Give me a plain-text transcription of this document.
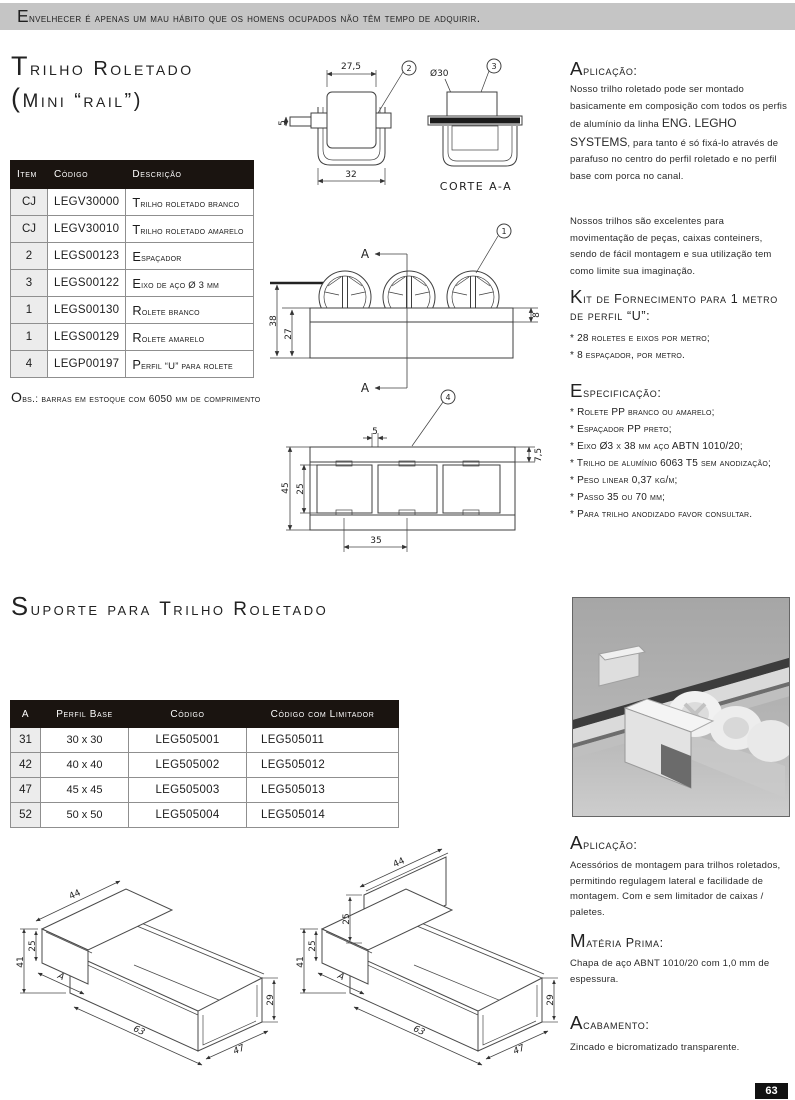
Envelhecer é apenas um mau hábito que os homens ocupados não têm tempo de adquirir.
Trilho Roletado
(mini “rail”)
Item	Código	Descrição
CJ	LEGV30000	Trilho roletado branco
CJ	LEGV30010	Trilho roletado amarelo
2	LEGS00123	Espaçador
3	LEGS00122	Eixo de aço Ø 3 mm
1	LEGS00130	Rolete branco
1	LEGS00129	Rolete amarelo
4	LEGP00197	Perfil “U” para rolete
Obs.: barras em estoque com 6050 mm de comprimento
27,5
5
2
32
Ø30
3
CORTE A-A
38
27
8
A
A
1
4
5
7,5
45 25
35
Aplicação:
Nosso trilho roletado pode ser montado basicamente em composição com todos os perfis de alumínio da linha ENG. LEGHO SYSTEMS, para tanto é só fixá-lo através de parafuso no centro do perfil roletado e no perfil base com porca no canal.
Nossos trilhos são excelentes para movimentação de peças, caixas conteiners, sendo de fácil montagem e sua utilização tem como limite sua imaginação.
Kit de Fornecimento para 1 metro de perfil “U”:
* 28 roletes e eixos por metro;
* 8 espaçador, por metro.
Especificação:
* Rolete PP branco ou amarelo;
* Espaçador PP preto;
* Eixo Ø3 x 38 mm aço ABTN 1010/20;
* Trilho de alumínio 6063 T5 sem anodização;
* Peso linear 0,37 kg/m;
* Passo 35 ou 70 mm;
* Para trilho anodizado favor consultar.
Suporte para Trilho Roletado
A	Perfil Base	Código	Código com Limitador
31	30 x 30	LEG505001	LEG505011
42	40 x 40	LEG505002	LEG505012
47	45 x 45	LEG505003	LEG505013
52	50 x 50	LEG505004	LEG505014
44
41
25
A
63
47
29
44
25
41
25
A
63
47
29
Aplicação:
Acessórios de montagem para trilhos roletados, permitindo regulagem lateral e facilidade de montagem. Com e sem limitador de caixas / paletes.
Matéria Prima:
Chapa de aço ABNT 1010/20 com 1,0 mm de espessura.
Acabamento:
Zincado e bicromatizado transparente.
63
